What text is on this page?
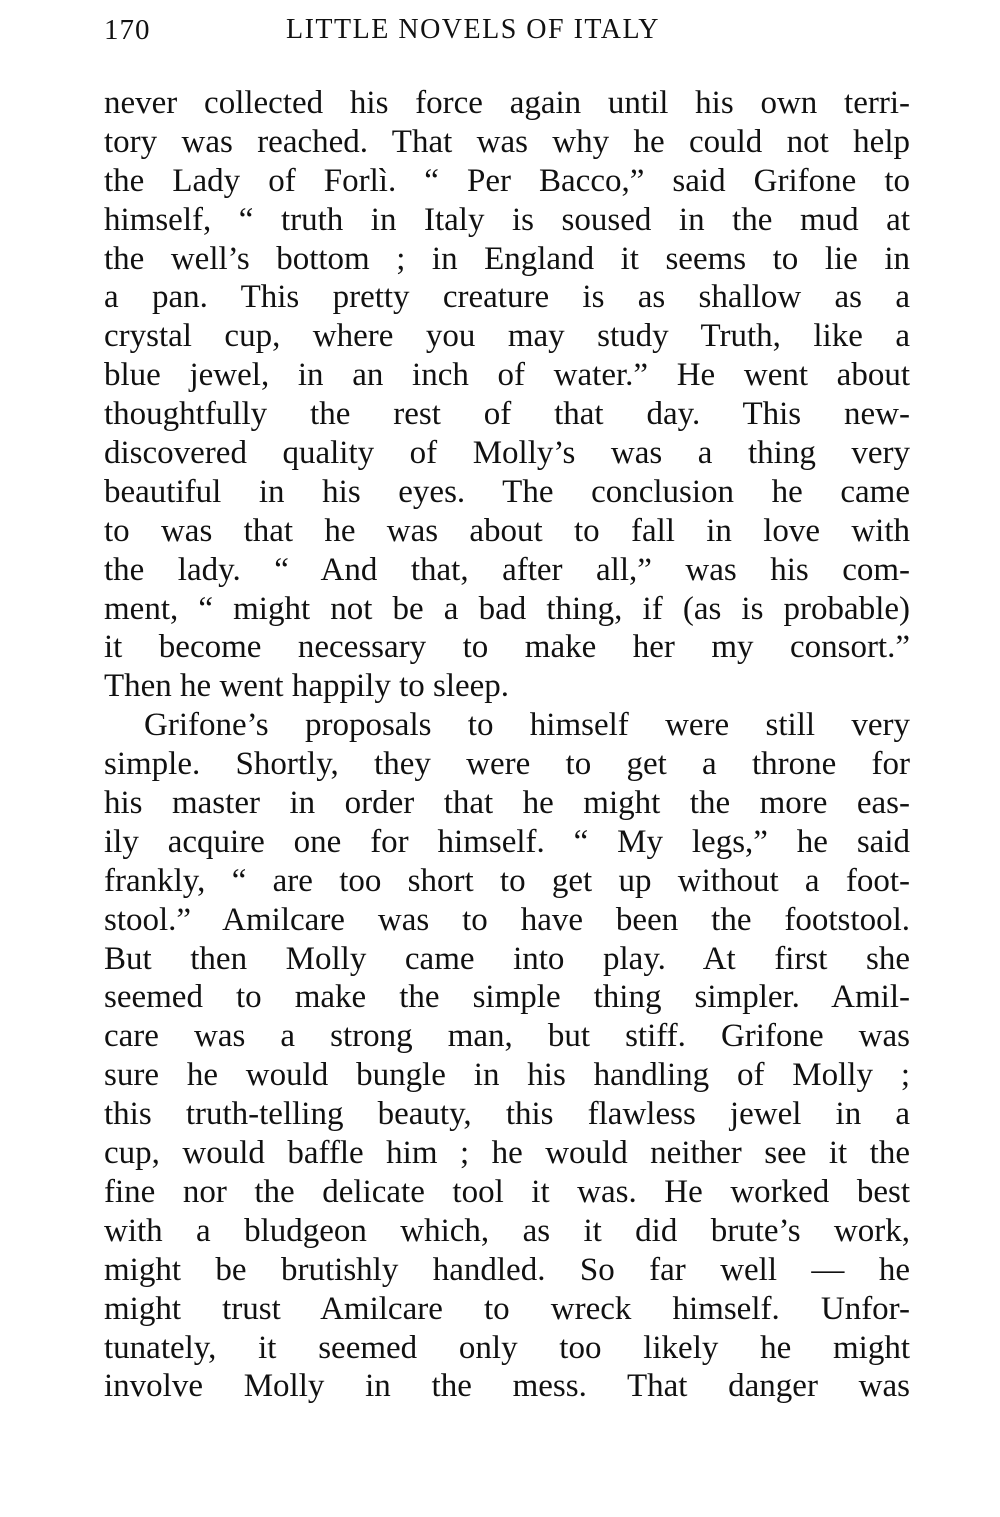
170	LITTLE NOVELS OF ITALY
never collected his force again until his own terri-
tory was reached. That was why he could not help
the Lady of Forlì. “ Per Bacco,” said Grifone to
himself, “ truth in Italy is soused in the mud at
the well’s bottom ; in England it seems to lie in
a pan. This pretty creature is as shallow as a
crystal cup, where you may study Truth, like a
blue jewel, in an inch of water.” He went about
thoughtfully the rest of that day. This new-
discovered quality of Molly’s was a thing very
beautiful in his eyes. The conclusion he came
to was that he was about to fall in love with
the lady. “ And that, after all,” was his com-
ment, “ might not be a bad thing, if (as is probable)
it become necessary to make her my consort.”
Then he went happily to sleep.
Grifone’s proposals to himself were still very
simple. Shortly, they were to get a throne for
his master in order that he might the more eas-
ily acquire one for himself. “ My legs,” he said
frankly, “ are too short to get up without a foot-
stool.” Amilcare was to have been the footstool.
But then Molly came into play. At first she
seemed to make the simple thing simpler. Amil-
care was a strong man, but stiff. Grifone was
sure he would bungle in his handling of Molly ;
this truth-telling beauty, this flawless jewel in a
cup, would baffle him ; he would neither see it the
fine nor the delicate tool it was. He worked best
with a bludgeon which, as it did brute’s work,
might be brutishly handled. So far well — he
might trust Amilcare to wreck himself. Unfor-
tunately, it seemed only too likely he might
involve Molly in the mess. That danger was
